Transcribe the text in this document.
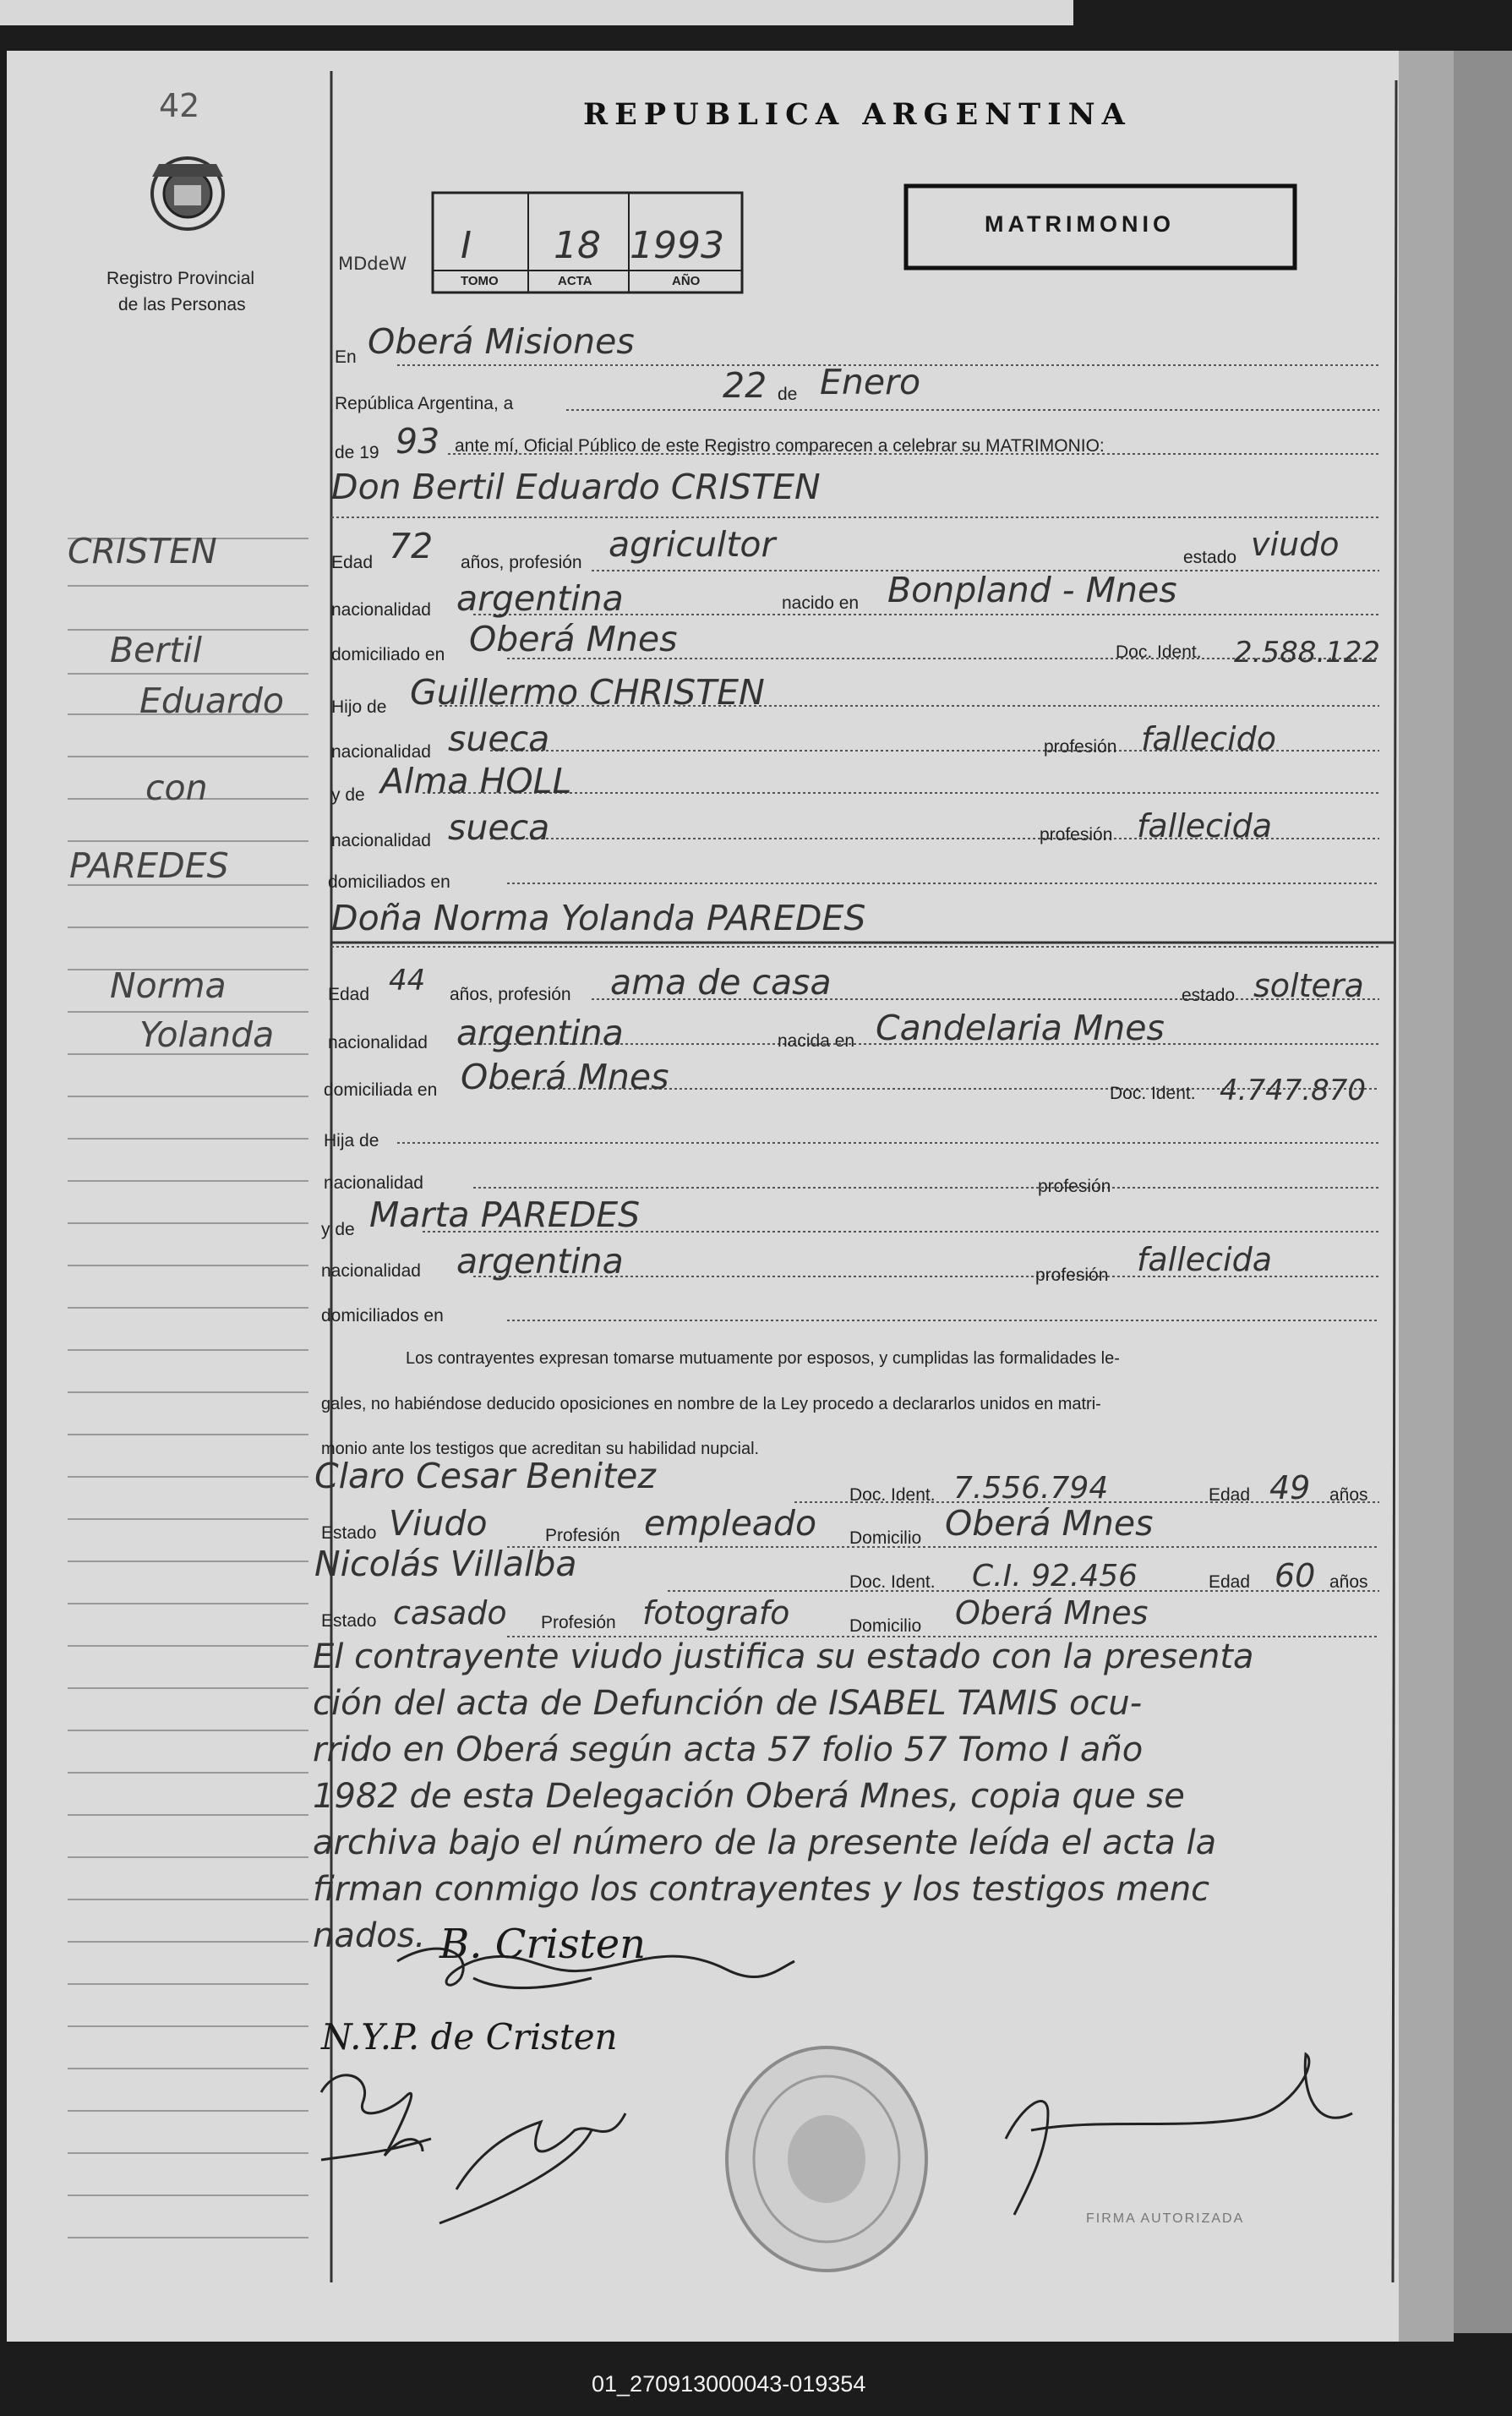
42
Registro Provincial
de las Personas
REPUBLICA ARGENTINA
MATRIMONIO
MDdeW I 18 1993
TOMO	ACTA	AÑO
CRISTEN
Bertil
Eduardo
con
PAREDES
Norma
Yolanda
En Oberá Misiones
República Argentina, a	22 de Enero
de 19 93 ante mí, Oficial Público de este Registro comparecen a celebrar su MATRIMONIO:
Don Bertil Eduardo CRISTEN
Edad 72 años, profesión agricultor	estado viudo
nacionalidad argentina	nacido en Bonpland - Mnes
domiciliado en Oberá Mnes	Doc. Ident. 2.588.122
Hijo de Guillermo CHRISTEN
nacionalidad sueca	profesión fallecido
y de Alma HOLL
nacionalidad sueca	profesión fallecida
domiciliados en
Doña Norma Yolanda PAREDES
Edad 44 años, profesión ama de casa	estado soltera
nacionalidad argentina	nacida en Candelaria Mnes
domiciliada en Oberá Mnes	Doc. Ident. 4.747.870
Hija de
nacionalidad	profesión
y de Marta PAREDES
nacionalidad argentina	profesión fallecida
domiciliados en
Los contrayentes expresan tomarse mutuamente por esposos, y cumplidas las formalidades le-
gales, no habiéndose deducido oposiciones en nombre de la Ley procedo a declararlos unidos en matri-
monio ante los testigos que acreditan su habilidad nupcial.
Claro Cesar Benitez	Doc. Ident. 7.556.794	Edad 49 años
Estado Viudo	Profesión empleado Domicilio Oberá Mnes
Nicolás Villalba	Doc. Ident. C.I. 92.456	Edad 60 años
Estado casado Profesión fotografo	Domicilio Oberá Mnes
El contrayente viudo justifica su estado con la presenta
ción del acta de Defunción de ISABEL TAMIS ocu-
rrido en Oberá según acta 57 folio 57 Tomo I año
1982 de esta Delegación Oberá Mnes, copia que se
archiva bajo el número de la presente leída el acta la
firman conmigo los contrayentes y los testigos menc
nados. B. Cristen
N.Y.P. de Cristen
FIRMA AUTORIZADA
01_270913000043-019354
